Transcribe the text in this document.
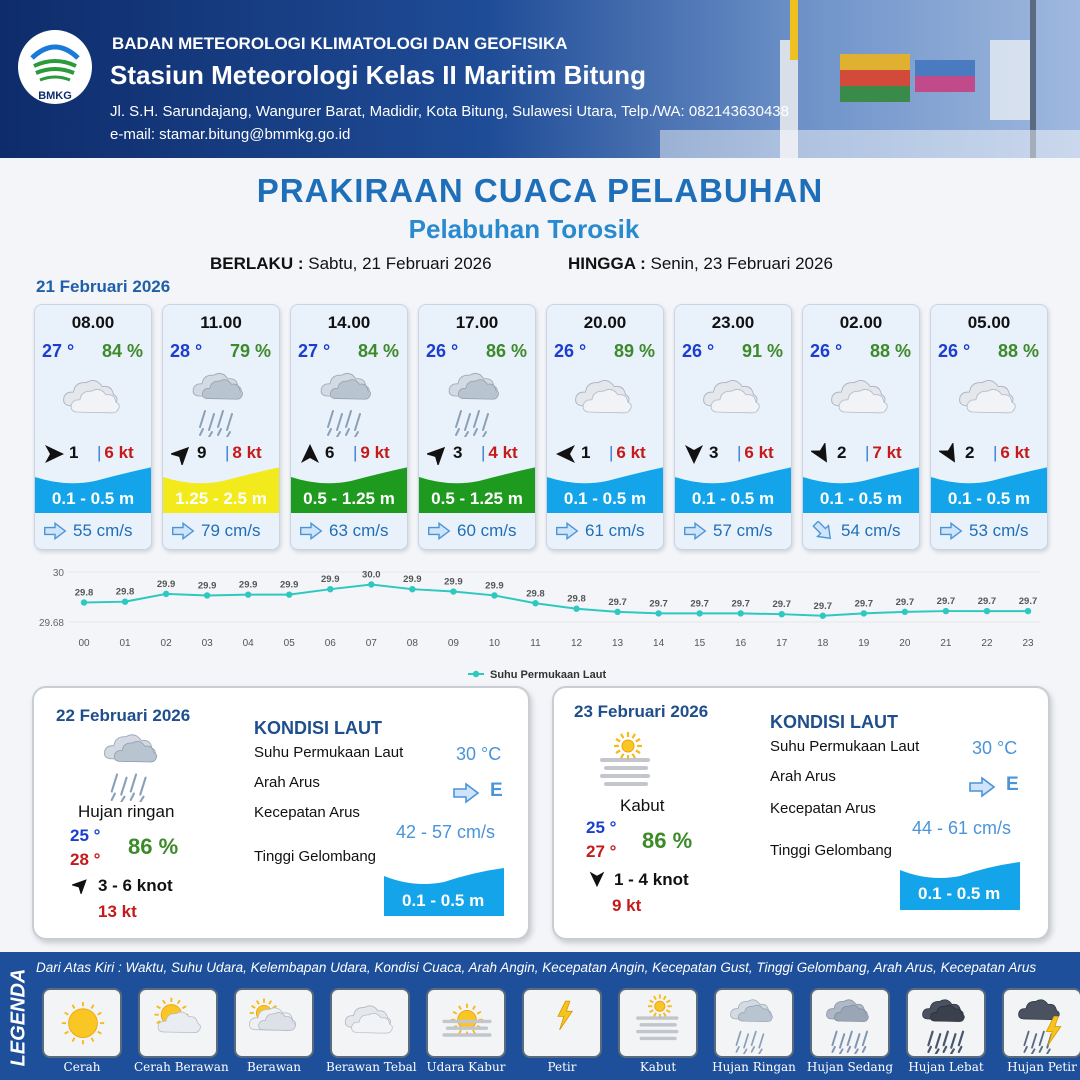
BMKG
BADAN METEOROLOGI KLIMATOLOGI DAN GEOFISIKA
Stasiun Meteorologi Kelas II Maritim Bitung
Jl. S.H. Sarundajang, Wangurer Barat, Madidir, Kota Bitung, Sulawesi Utara, Telp./WA: 082143630438
e-mail: stamar.bitung@bmmkg.go.id
PRAKIRAAN CUACA PELABUHAN
Pelabuhan Torosik
BERLAKU : Sabtu, 21 Februari 2026	HINGGA : Senin, 23 Februari 2026
21 Februari 2026
08.00
27 ° 84 %
1 | 6 kt
0.1 - 0.5 m
55 cm/s
11.00
28 ° 79 %
9 | 8 kt
1.25 - 2.5 m
79 cm/s
14.00
27 ° 84 %
6 | 9 kt
0.5 - 1.25 m
63 cm/s
17.00
26 ° 86 %
3 | 4 kt
0.5 - 1.25 m
60 cm/s
20.00
26 ° 89 %
1 | 6 kt
0.1 - 0.5 m
61 cm/s
23.00
26 ° 91 %
3 | 6 kt
0.1 - 0.5 m
57 cm/s
02.00
26 ° 88 %
2 | 7 kt
0.1 - 0.5 m
54 cm/s
05.00
26 ° 88 %
2 | 6 kt
0.1 - 0.5 m
53 cm/s
30
29.68
29.8 29.8
29.9 29.9 29.9 29.9 29.9 30.0 29.9 29.9 29.9
29.8 29.8 29.7 29.7 29.7 29.7 29.7 29.7 29.7 29.7 29.7 29.7 29.7
00	01	02	03	04	05	06	07	08	09	10	11	12	13	14	15	16	17	18	19	20	21	22	23
Suhu Permukaan Laut
22 Februari 2026
Hujan ringan
25 °
28 °
86 %
3 - 6 knot
13 kt
KONDISI LAUT
Suhu Permukaan Laut	30 °C
Arah Arus	E
Kecepatan Arus
42 - 57 cm/s
Tinggi Gelombang
0.1 - 0.5 m
23 Februari 2026
Kabut
25 °
27 ° 86 %
1 - 4 knot
9 kt
KONDISI LAUT
Suhu Permukaan Laut	30 °C
Arah Arus	E
Kecepatan Arus
44 - 61 cm/s
Tinggi Gelombang
0.1 - 0.5 m
LEGENDA
Dari Atas Kiri : Waktu, Suhu Udara, Kelembapan Udara, Kondisi Cuaca, Arah Angin, Kecepatan Angin, Kecepatan Gust, Tinggi Gelombang, Arah Arus, Kecepatan Arus
Cerah	Cerah Berawan	Berawan	Berawan Tebal Udara Kabur	Petir	Kabut	Hujan Ringan Hujan Sedang	Hujan Lebat	Hujan Petir
